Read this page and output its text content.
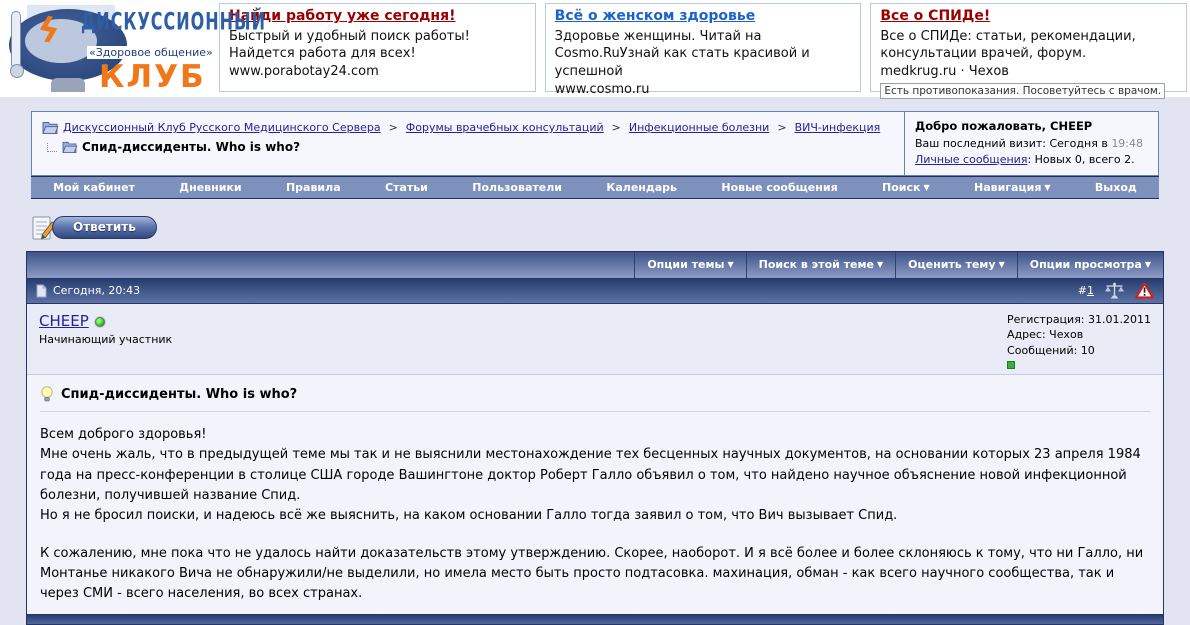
ϟ ДИСКУССИОННЫЙ
«Здоровое общение»
КЛУБ
Найди работу уже сегодня!
Быстрый и удобный поиск работы! Найдется работа для всех!
www.porabotay24.com
Всё о женском здоровье
Здоровье женщины. Читай на Cosmo.RuУзнай как стать красивой и успешной
www.cosmo.ru
Все о СПИДе!
Все о СПИДе: статьи, рекомендации, консультации врачей, форум.
medkrug.ru · Чехов
Есть противопоказания. Посоветуйтесь с врачом.
Дискуссионный Клуб Русского Медицинского Сервера > Форумы врачебных консультаций > Инфекционные болезни > ВИЧ-инфекция
Спид-диссиденты. Who is who?
Добро пожаловать, CHEEP
Ваш последний визит: Сегодня в 19:48
Личные сообщения: Новых 0, всего 2.
Мой кабинет	Дневники	Правила	Статьи	Пользователи	Календарь	Новые сообщения	Поиск ▼	Навигация ▼	Выход
Ответить
Опции темы ▼	Поиск в этой теме ▼	Оценить тему ▼	Опции просмотра ▼
Сегодня, 20:43	#1
CHEEP
Начинающий участник
Регистрация: 31.01.2011
Адрес: Чехов
Сообщений: 10
Спид-диссиденты. Who is who?
Всем доброго здоровья!
Мне очень жаль, что в предыдущей теме мы так и не выяснили местонахождение тех бесценных научных документов, на основании которых 23 апреля 1984 года на пресс-конференции в столице США городе Вашингтоне доктор Роберт Галло объявил о том, что найдено научное объяснение новой инфекционной болезни, получившей название Спид.
Но я не бросил поиски, и надеюсь всё же выяснить, на каком основании Галло тогда заявил о том, что Вич вызывает Спид.
К сожалению, мне пока что не удалось найти доказательств этому утверждению. Скорее, наоборот. И я всё более и более склоняюсь к тому, что ни Галло, ни Монтанье никакого Вича не обнаружили/не выделили, но имела место быть просто подтасовка. махинация, обман - как всего научного сообщества, так и через СМИ - всего населения, во всех странах.
